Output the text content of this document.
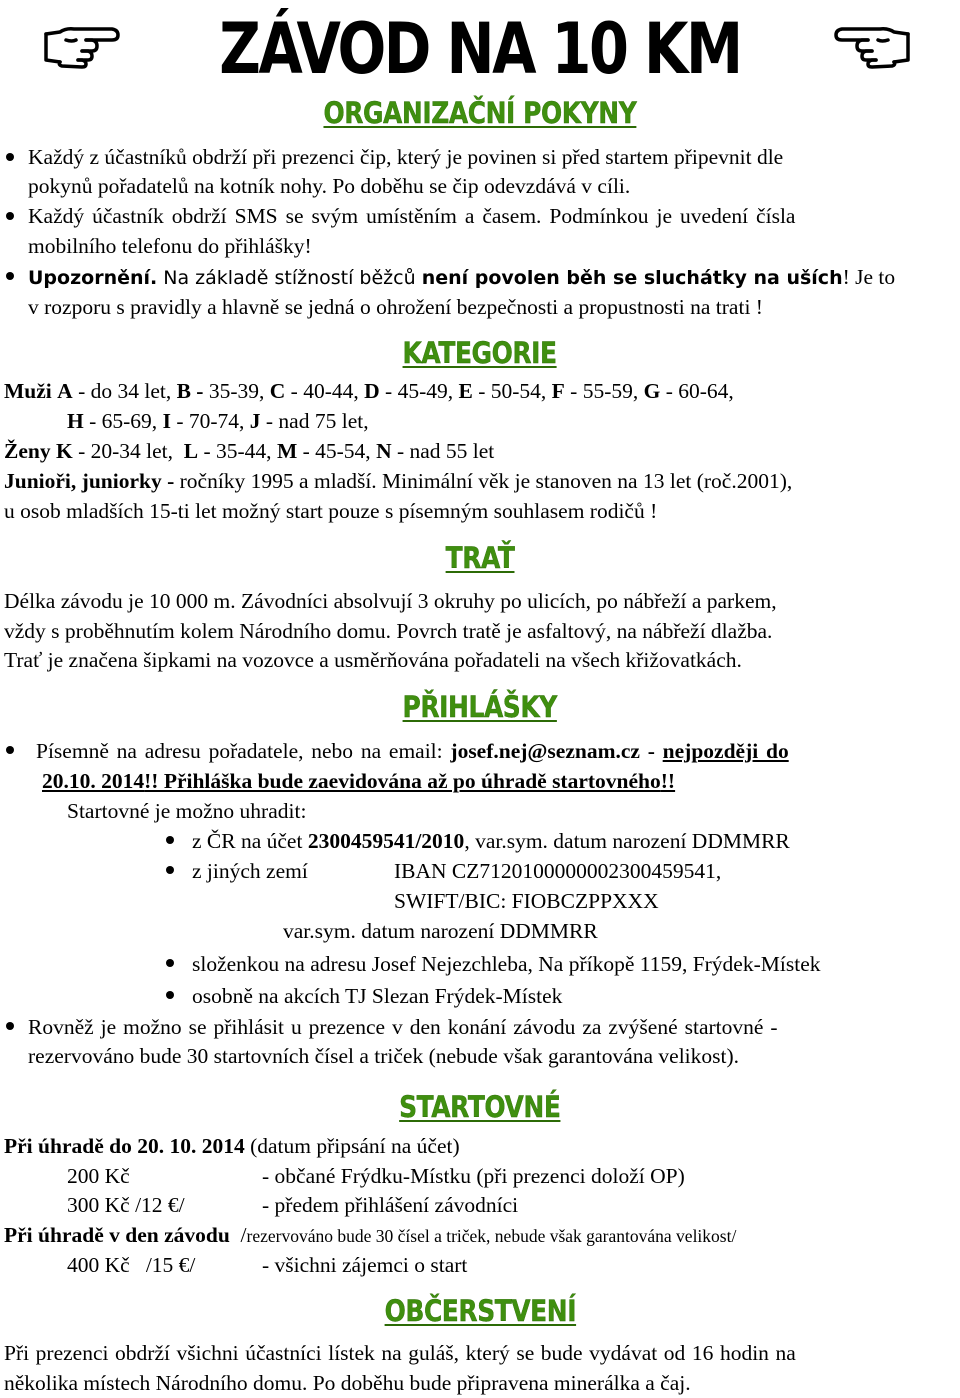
ZÁVOD NA 10 KM
ORGANIZAČNÍ POKYNY
Každý z účastníků obdrží při prezenci čip, který je povinen si před startem připevnit dle
pokynů pořadatelů na kotník nohy. Po doběhu se čip odevzdává v cíli.
Každý účastník obdrží SMS se svým umístěním a časem. Podmínkou je uvedení čísla
mobilního telefonu do přihlášky!
Upozornění. Na základě stížností běžců není povolen běh se sluchátky na uších! Je to
v rozporu s pravidly a hlavně se jedná o ohrožení bezpečnosti a propustnosti na trati !
KATEGORIE
Muži A - do 34 let, B - 35-39, C - 40-44, D - 45-49, E - 50-54, F - 55-59, G - 60-64,
H - 65-69, I - 70-74, J - nad 75 let,
Ženy K - 20-34 let,  L - 35-44, M - 45-54, N - nad 55 let
Junioři, juniorky - ročníky 1995 a mladší. Minimální věk je stanoven na 13 let (roč.2001),
u osob mladších 15-ti let možný start pouze s písemným souhlasem rodičů !
TRAŤ
Délka závodu je 10 000 m. Závodníci absolvují 3 okruhy po ulicích, po nábřeží a parkem,
vždy s proběhnutím kolem Národního domu. Povrch tratě je asfaltový, na nábřeží dlažba.
Trať je značena šipkami na vozovce a usměrňována pořadateli na všech křižovatkách.
PŘIHLÁŠKY
Písemně na adresu pořadatele, nebo na email: josef.nej@seznam.cz - nejpozději do
20.10. 2014!! Přihláška bude zaevidována až po úhradě startovného!!
Startovné je možno uhradit:
z ČR na účet 2300459541/2010, var.sym. datum narození DDMMRR
z jiných zemí	IBAN CZ7120100000002300459541,
SWIFT/BIC: FIOBCZPPXXX
var.sym. datum narození DDMMRR
složenkou na adresu Josef Nejezchleba, Na příkopě 1159, Frýdek-Místek
osobně na akcích TJ Slezan Frýdek-Místek
Rovněž je možno se přihlásit u prezence v den konání závodu za zvýšené startovné -
rezervováno bude 30 startovních čísel a triček (nebude však garantována velikost).
STARTOVNÉ
Při úhradě do 20. 10. 2014 (datum připsání na účet)
200 Kč	- občané Frýdku-Místku (při prezenci doloží OP)
300 Kč /12 €/	- předem přihlášení závodníci
Při úhradě v den závodu  /rezervováno bude 30 čísel a triček, nebude však garantována velikost/
400 Kč   /15 €/	- všichni zájemci o start
OBČERSTVENÍ
Při prezenci obdrží všichni účastníci lístek na guláš, který se bude vydávat od 16 hodin na
několika místech Národního domu. Po doběhu bude připravena minerálka a čaj.
